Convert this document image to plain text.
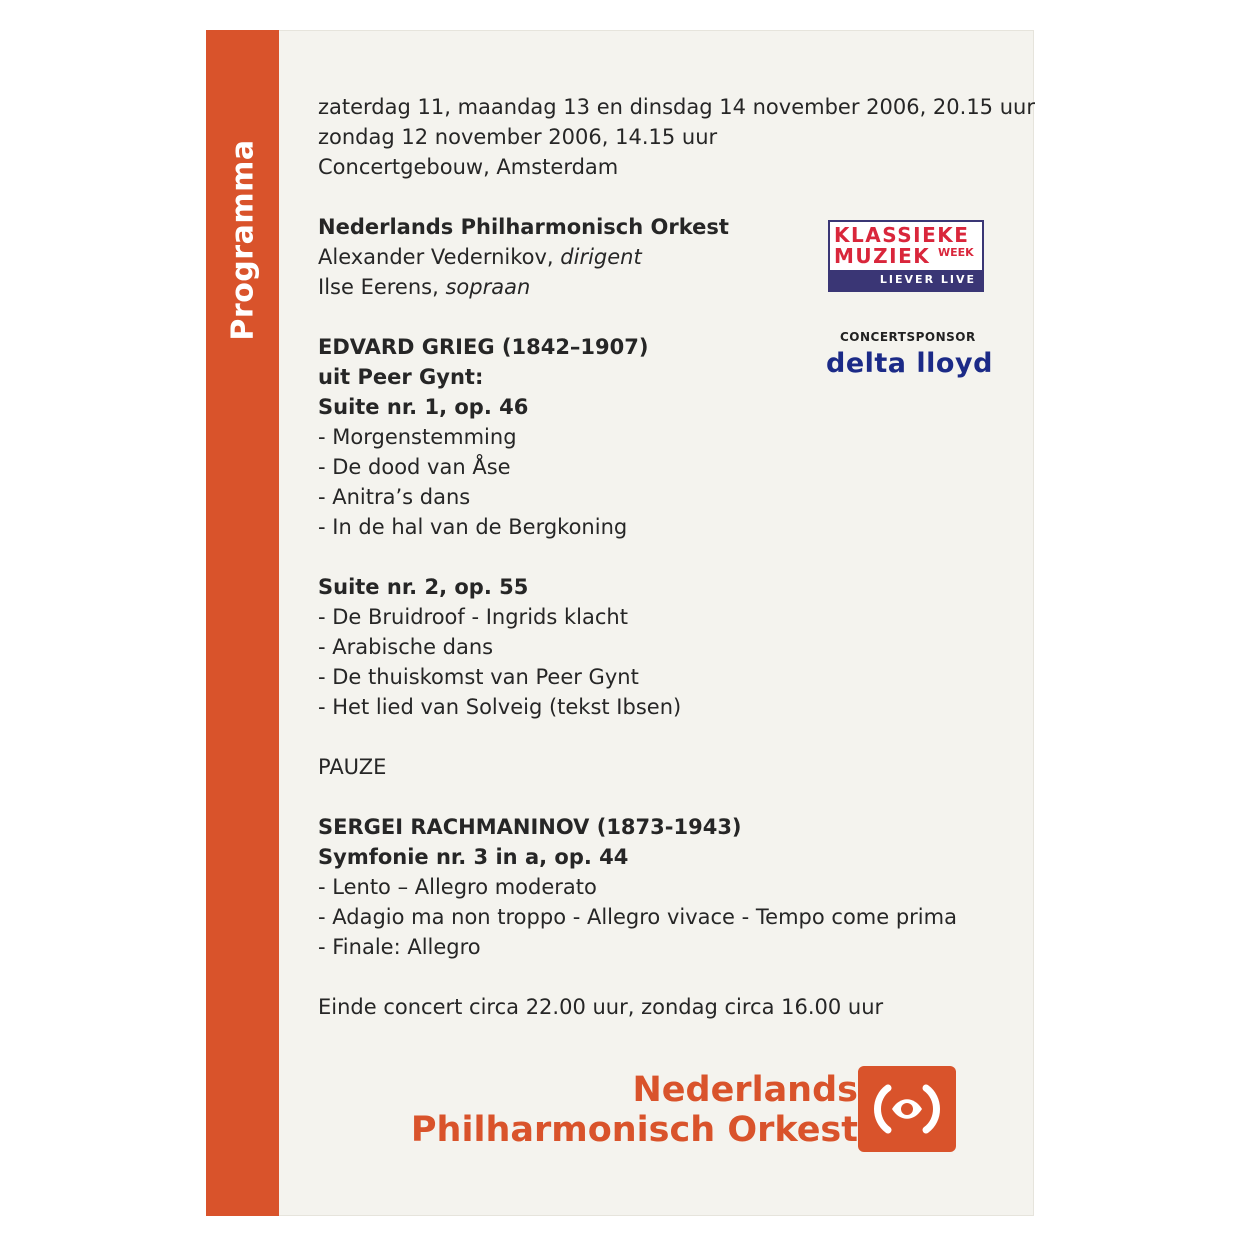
Programma
zaterdag 11, maandag 13 en dinsdag 14 november 2006, 20.15 uur
zondag 12 november 2006, 14.15 uur
Concertgebouw, Amsterdam
Nederlands Philharmonisch Orkest
Alexander Vedernikov, dirigent
Ilse Eerens, sopraan
EDVARD GRIEG (1842–1907)
uit Peer Gynt:
Suite nr. 1, op. 46
- Morgenstemming
- De dood van Åse
- Anitra’s dans
- In de hal van de Bergkoning
Suite nr. 2, op. 55
- De Bruidroof - Ingrids klacht
- Arabische dans
- De thuiskomst van Peer Gynt
- Het lied van Solveig (tekst Ibsen)
PAUZE
SERGEI RACHMANINOV (1873-1943)
Symfonie nr. 3 in a, op. 44
- Lento – Allegro moderato
- Adagio ma non troppo - Allegro vivace - Tempo come prima
- Finale: Allegro
Einde concert circa 22.00 uur, zondag circa 16.00 uur
KLASSIEKE
MUZIEK WEEK
LIEVER LIVE
CONCERTSPONSOR
delta lloyd
Nederlands
Philharmonisch Orkest
